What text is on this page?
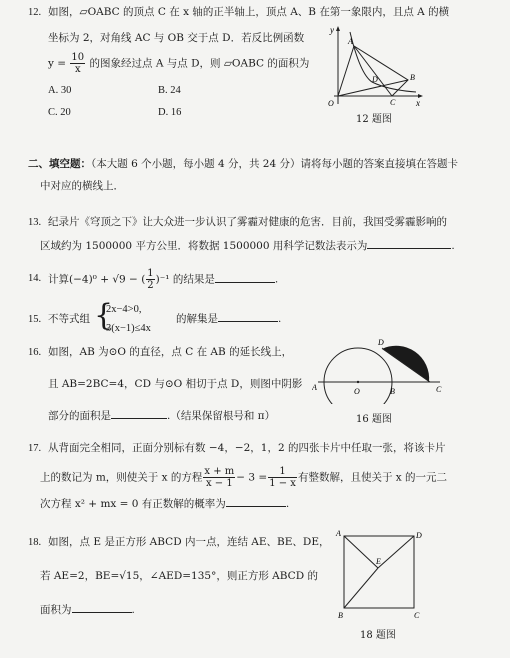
12. 如图，▱OABC 的顶点 C 在 x 轴的正半轴上，顶点 A、B 在第一象限内，且点 A 的横
坐标为 2，对角线 AC 与 OB 交于点 D．若反比例函数
$y = \frac{10}{x}$ 的图象经过点 A 与点 D，则 ▱OABC 的面积为
A. 30	B. 24
C. 20	D. 16
y
x
O
A
B
C
D
12 题图
二、填空题：（本大题 6 个小题，每小题 4 分，共 24 分）请将每小题的答案直接填在答题卡
中对应的横线上．
13. 纪录片《穹顶之下》让大众进一步认识了雾霾对健康的危害．目前，我国受雾霾影响的
区域约为 1500000 平方公里．将数据 1500000 用科学记数法表示为	.
14. 计算(−4)⁰ + √9 − ( $\frac{1}{2} )^{-1}$ 的结果是	.
15. 不等式组 {
2x−4>0,
3(x−1)≤4x
的解集是	.
16. 如图，AB 为⊙O 的直径，点 C 在 AB 的延长线上，
且 AB=2BC=4，CD 与⊙O 相切于点 D，则图中阴影
部分的面积是	.（结果保留根号和 π）
A	O	B	C
D
16 题图
17. 从背面完全相同，正面分别标有数 −4，−2，1，2 的四张卡片中任取一张，将该卡片
上的数记为 m，则使关于 x 的方程 $\frac{x + m}{x - 1} - 3 = \frac{1}{1 - x}$ 有整数解，且使关于 x 的一元二
次方程 x² + mx = 0 有正数解的概率为	.
18. 如图，点 E 是正方形 ABCD 内一点，连结 AE、BE、DE，
若 AE=2，BE=√15，∠AED=135°，则正方形 ABCD 的
面积为	.
A	D
B	C
E
18 题图
